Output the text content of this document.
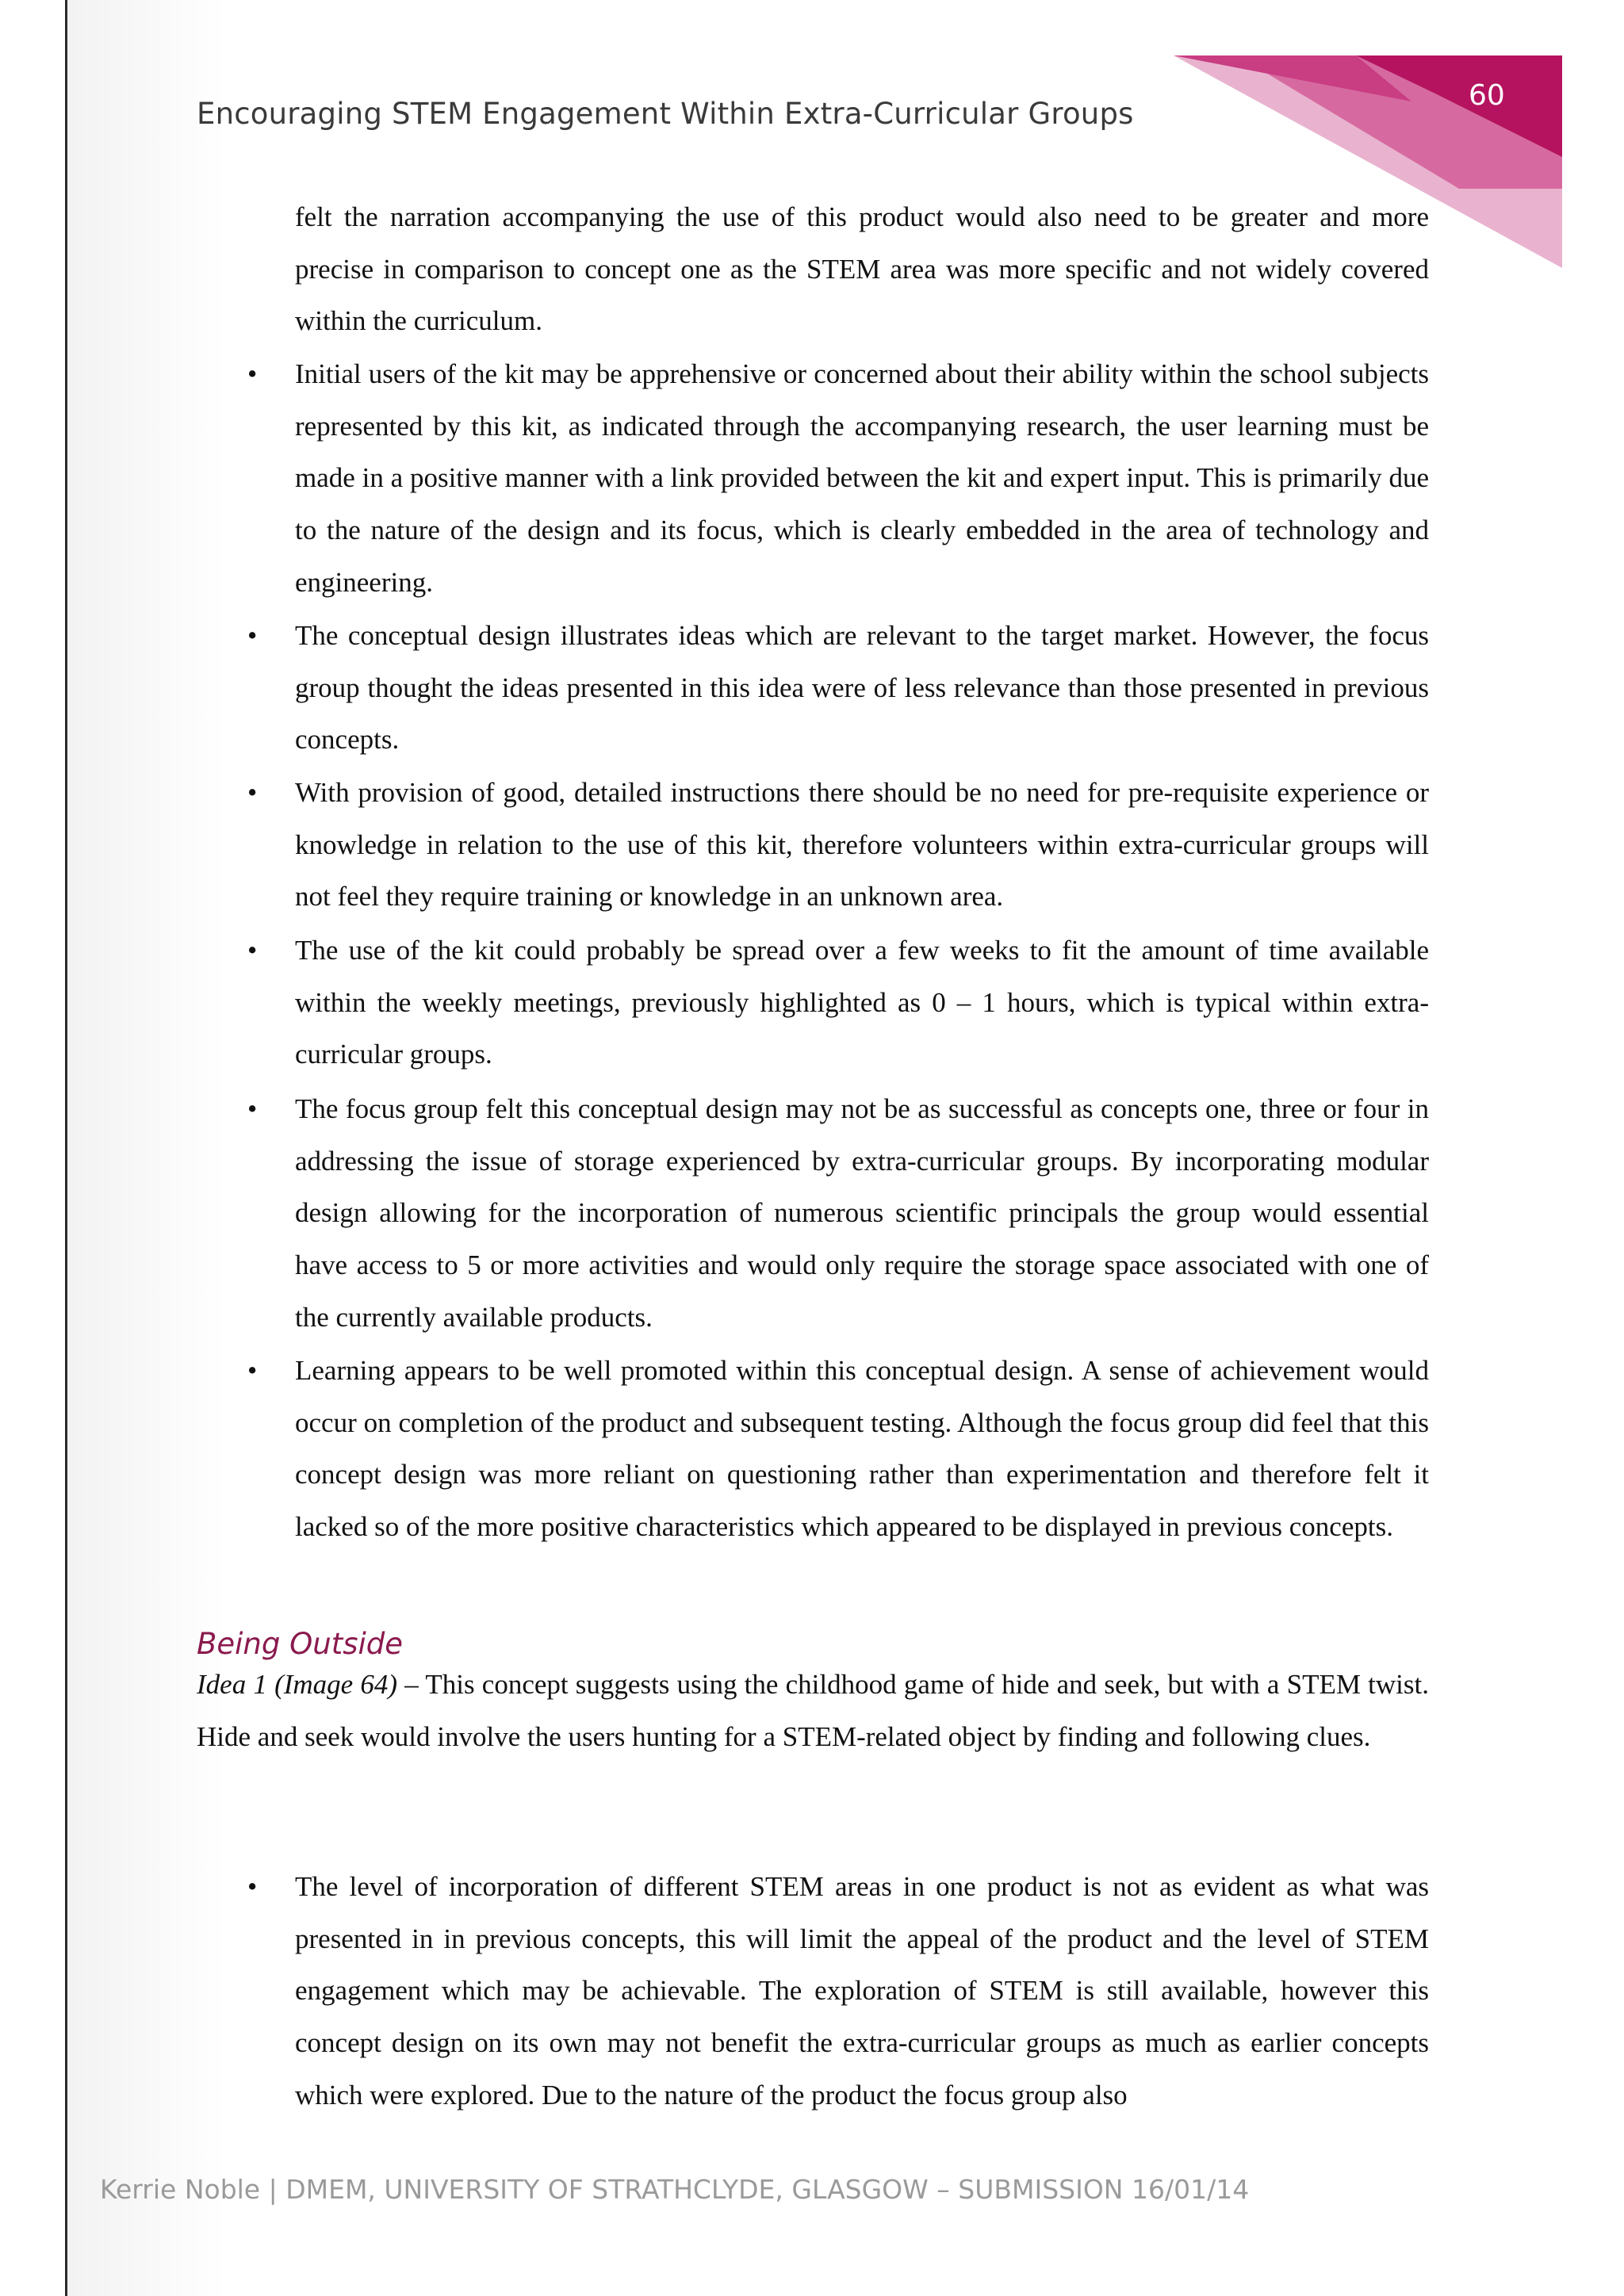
Encouraging STEM Engagement Within Extra-Curricular Groups
60
felt the narration accompanying the use of this product would also need to be greater and more precise in comparison to concept one as the STEM area was more specific and not widely covered within the curriculum.
• Initial users of the kit may be apprehensive or concerned about their ability within the school subjects represented by this kit, as indicated through the accompanying research, the user learning must be made in a positive manner with a link provided between the kit and expert input. This is primarily due to the nature of the design and its focus, which is clearly embedded in the area of technology and engineering.
• The conceptual design illustrates ideas which are relevant to the target market. However, the focus group thought the ideas presented in this idea were of less relevance than those presented in previous concepts.
• With provision of good, detailed instructions there should be no need for pre-requisite experience or knowledge in relation to the use of this kit, therefore volunteers within extra-curricular groups will not feel they require training or knowledge in an unknown area.
• The use of the kit could probably be spread over a few weeks to fit the amount of time available within the weekly meetings, previously highlighted as 0 – 1 hours, which is typical within extra-curricular groups.
• The focus group felt this conceptual design may not be as successful as concepts one, three or four in addressing the issue of storage experienced by extra-curricular groups. By incorporating modular design allowing for the incorporation of numerous scientific principals the group would essential have access to 5 or more activities and would only require the storage space associated with one of the currently available products.
• Learning appears to be well promoted within this conceptual design. A sense of achievement would occur on completion of the product and subsequent testing. Although the focus group did feel that this concept design was more reliant on questioning rather than experimentation and therefore felt it lacked so of the more positive characteristics which appeared to be displayed in previous concepts.
Being Outside
Idea 1 (Image 64) – This concept suggests using the childhood game of hide and seek, but with a STEM twist. Hide and seek would involve the users hunting for a STEM-related object by finding and following clues.
• The level of incorporation of different STEM areas in one product is not as evident as what was presented in in previous concepts, this will limit the appeal of the product and the level of STEM engagement which may be achievable. The exploration of STEM is still available, however this concept design on its own may not benefit the extra-curricular groups as much as earlier concepts which were explored. Due to the nature of the product the focus group also
Kerrie Noble | DMEM, UNIVERSITY OF STRATHCLYDE, GLASGOW – SUBMISSION 16/01/14
